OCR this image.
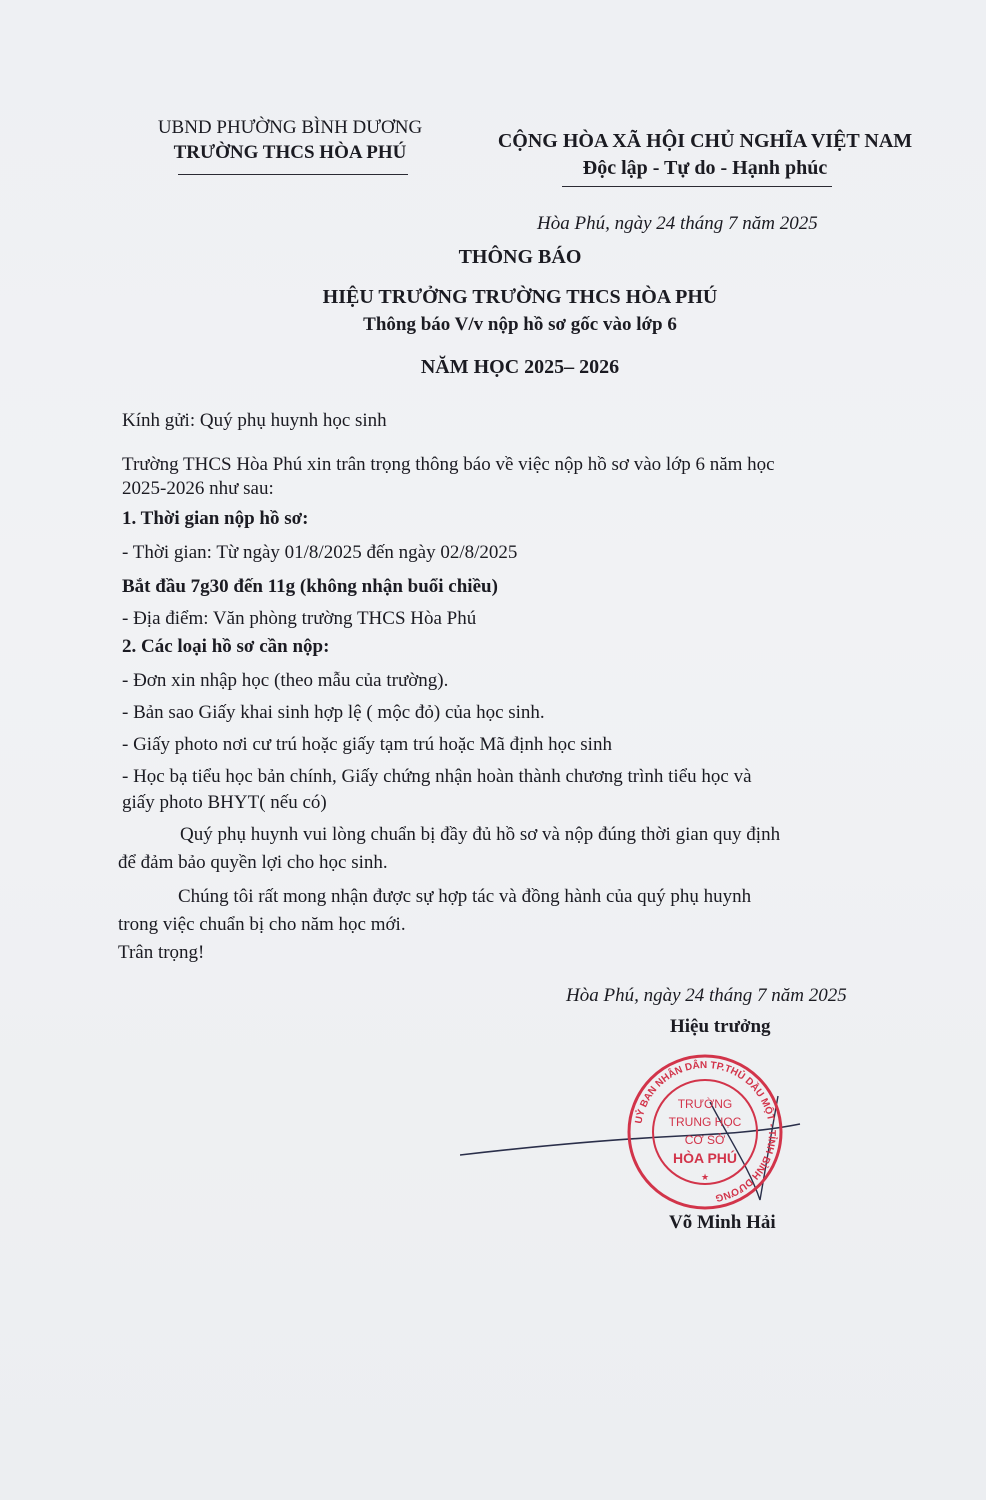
UBND PHƯỜNG BÌNH DƯƠNG
TRƯỜNG THCS HÒA PHÚ
CỘNG HÒA XÃ HỘI CHỦ NGHĨA VIỆT NAM
Độc lập - Tự do - Hạnh phúc
Hòa Phú, ngày 24 tháng 7 năm 2025
THÔNG BÁO
HIỆU TRƯỞNG TRƯỜNG THCS HÒA PHÚ
Thông báo V/v nộp hồ sơ gốc vào lớp 6
NĂM HỌC 2025– 2026
Kính gửi: Quý phụ huynh học sinh
Trường THCS Hòa Phú xin trân trọng thông báo về việc nộp hồ sơ vào lớp 6 năm học
2025-2026 như sau:
1. Thời gian nộp hồ sơ:
- Thời gian: Từ ngày 01/8/2025 đến ngày 02/8/2025
Bắt đầu 7g30 đến 11g (không nhận buổi chiều)
- Địa điểm: Văn phòng trường THCS Hòa Phú
2. Các loại hồ sơ cần nộp:
- Đơn xin nhập học (theo mẫu của trường).
- Bản sao Giấy khai sinh hợp lệ ( mộc đỏ) của học sinh.
- Giấy photo nơi cư trú hoặc giấy tạm trú hoặc Mã định học sinh
- Học bạ tiểu học bản chính, Giấy chứng nhận hoàn thành chương trình tiểu học và
giấy photo BHYT( nếu có)
Quý phụ huynh vui lòng chuẩn bị đầy đủ hồ sơ và nộp đúng thời gian quy định
để đảm bảo quyền lợi cho học sinh.
Chúng tôi rất mong nhận được sự hợp tác và đồng hành của quý phụ huynh
trong việc chuẩn bị cho năm học mới.
Trân trọng!
Hòa Phú, ngày 24 tháng 7 năm 2025
Hiệu trưởng
UỶ BAN NHÂN DÂN TP.THỦ DẦU MỘT - TỈNH BÌNH DƯƠNG
TRƯỜNG
TRUNG HỌC
CƠ SỞ
HÒA PHÚ
★
Võ Minh Hải
